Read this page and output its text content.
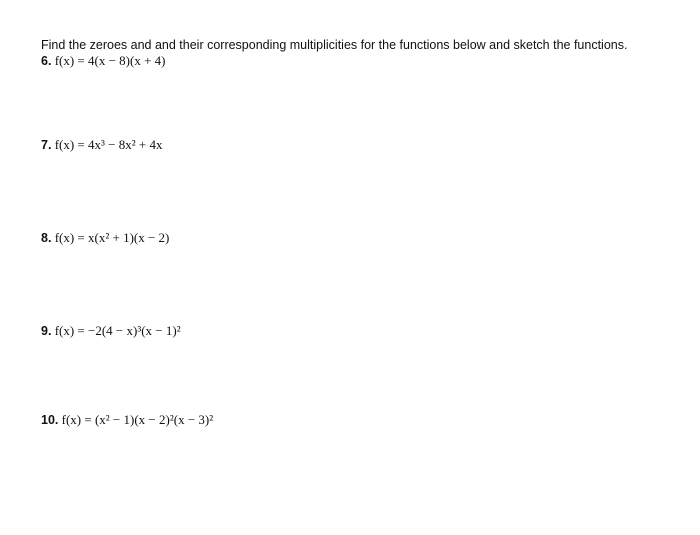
Find the zeroes and and their corresponding multiplicities for the functions below and sketch the functions.
6. f(x) = 4(x − 8)(x + 4)
7. f(x) = 4x³ − 8x² + 4x
8. f(x) = x(x² + 1)(x − 2)
9. f(x) = −2(4 − x)³(x − 1)²
10. f(x) = (x² − 1)(x − 2)²(x − 3)²
